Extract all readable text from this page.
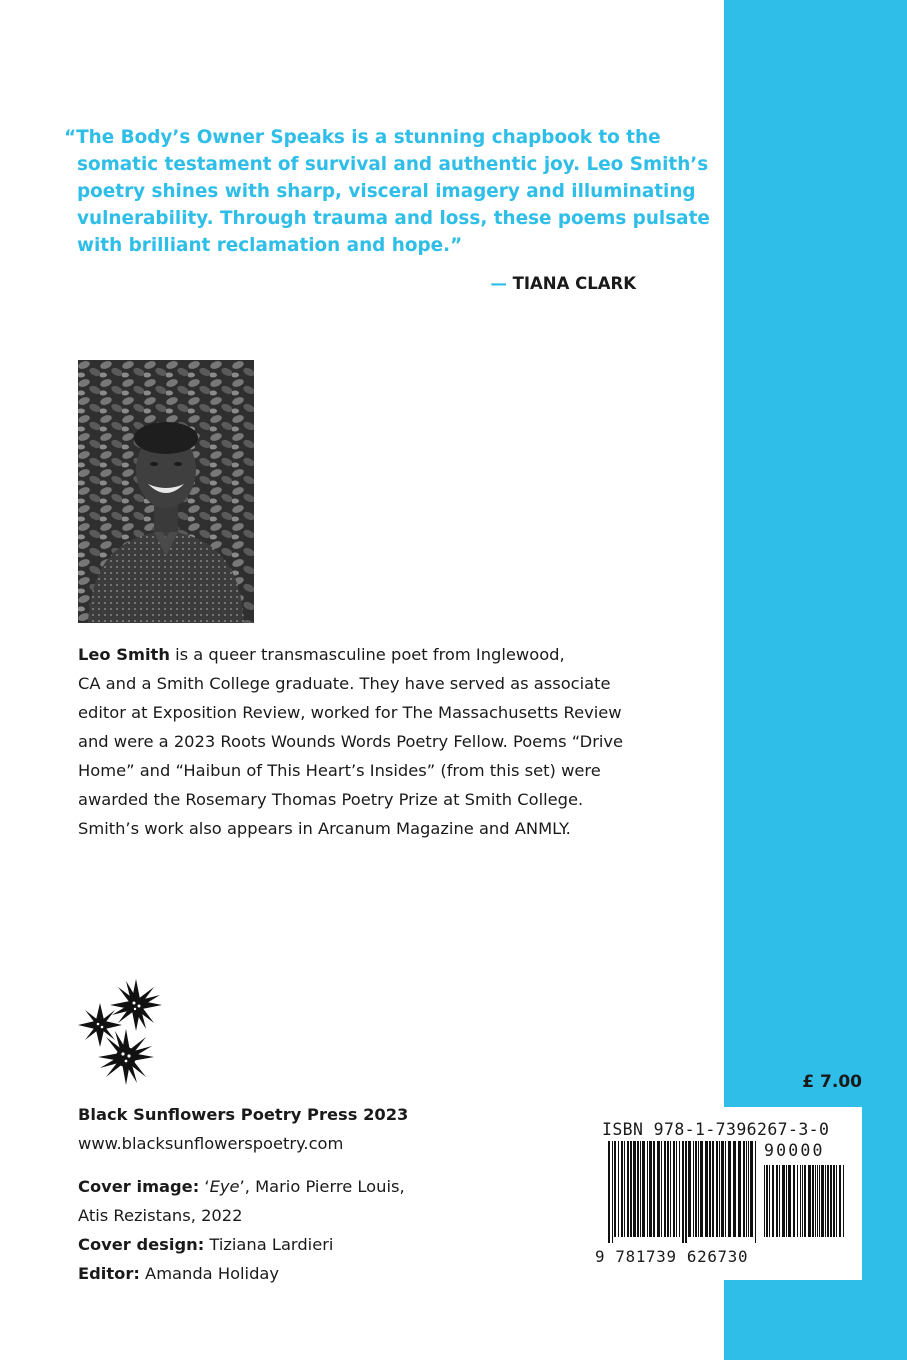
“The Body’s Owner Speaks is a stunning chapbook to the
somatic testament of survival and authentic joy. Leo Smith’s
poetry shines with sharp, visceral imagery and illuminating
vulnerability. Through trauma and loss, these poems pulsate
with brilliant reclamation and hope.”
— TIANA CLARK
Leo Smith is a queer transmasculine poet from Inglewood,
CA and a Smith College graduate. They have served as associate
editor at Exposition Review, worked for The Massachusetts Review
and were a 2023 Roots Wounds Words Poetry Fellow. Poems “Drive
Home” and “Haibun of This Heart’s Insides” (from this set) were
awarded the Rosemary Thomas Poetry Prize at Smith College.
Smith’s work also appears in Arcanum Magazine and ANMLY.
Black Sunflowers Poetry Press 2023
www.blacksunflowerspoetry.com
Cover image: ‘Eye’, Mario Pierre Louis,
Atis Rezistans, 2022
Cover design: Tiziana Lardieri
Editor: Amanda Holiday
£ 7.00
ISBN 978-1-7396267-3-0
90000
9 781739 626730
